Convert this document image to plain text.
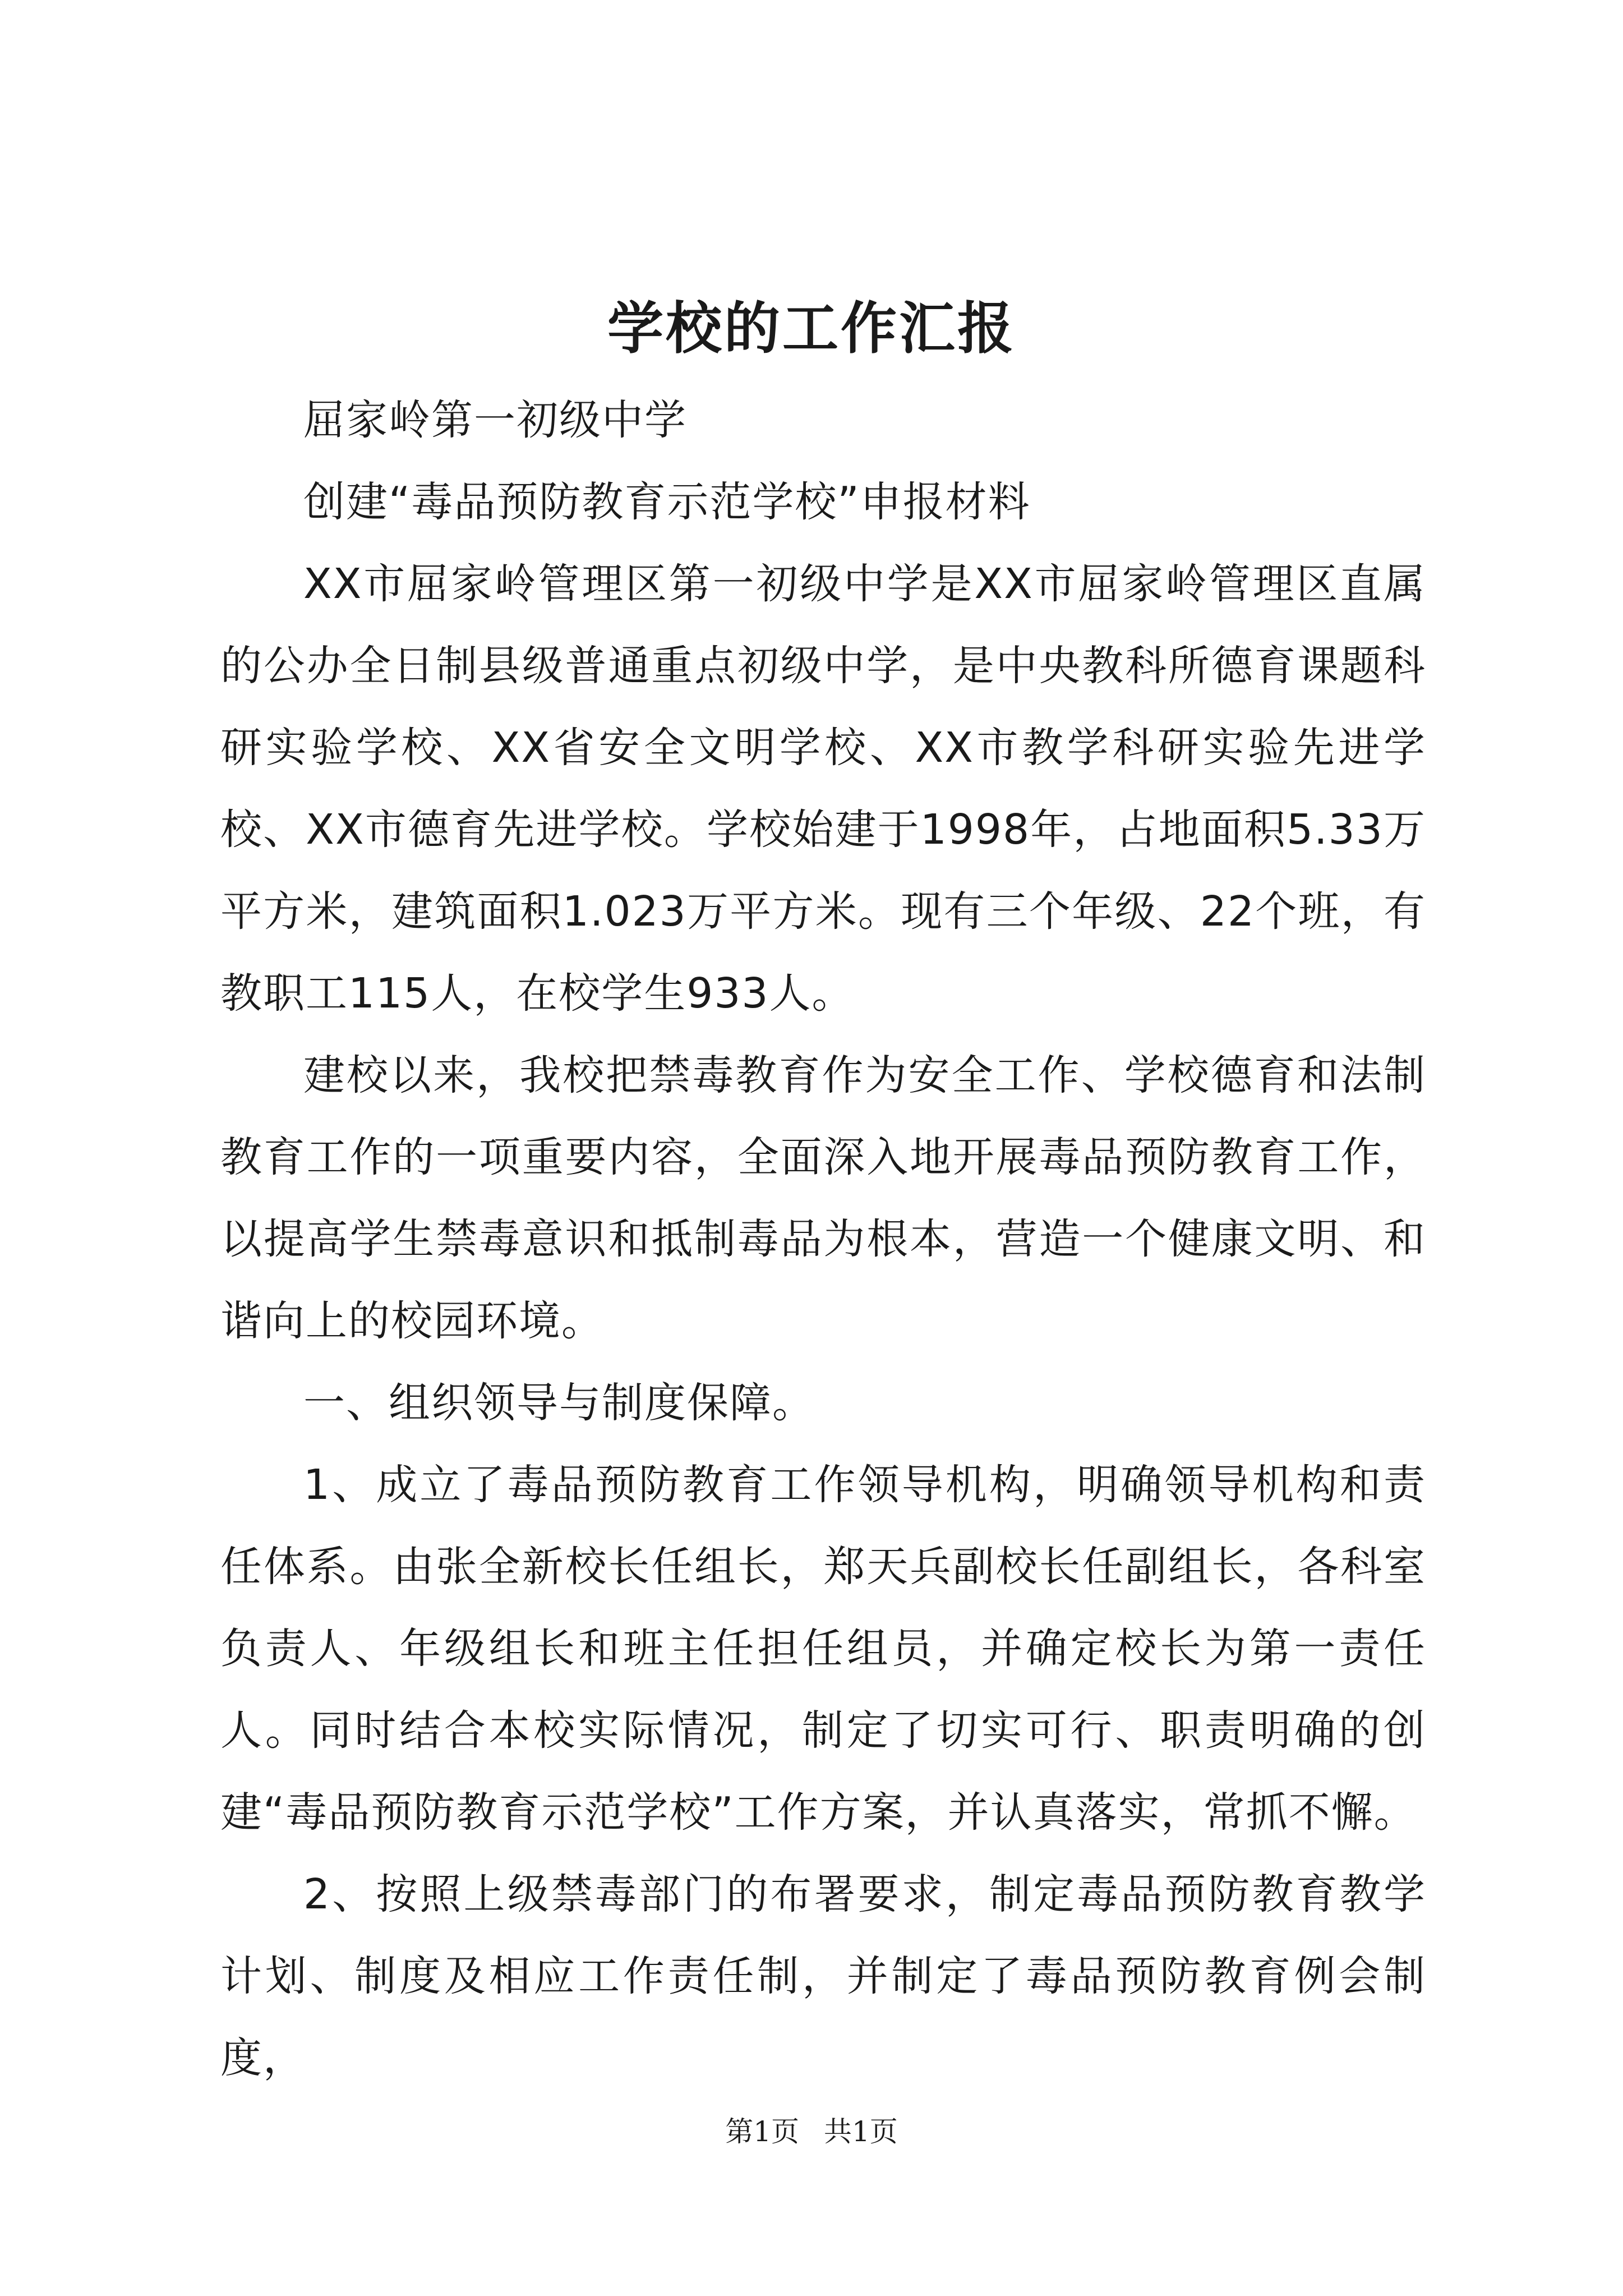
学校的工作汇报

屈家岭第一初级中学

创建“毒品预防教育示范学校”申报材料

XX市屈家岭管理区第一初级中学是XX市屈家岭管理区直属的公办全日制县级普通重点初级中学，是中央教科所德育课题科研实验学校、XX省安全文明学校、XX市教学科研实验先进学校、XX市德育先进学校。学校始建于1998年，占地面积5.33万平方米，建筑面积1.023万平方米。现有三个年级、22个班，有教职工115人，在校学生933人。

建校以来，我校把禁毒教育作为安全工作、学校德育和法制教育工作的一项重要内容，全面深入地开展毒品预防教育工作，以提高学生禁毒意识和抵制毒品为根本，营造一个健康文明、和谐向上的校园环境。

一、组织领导与制度保障。

1、成立了毒品预防教育工作领导机构，明确领导机构和责任体系。由张全新校长任组长，郑天兵副校长任副组长，各科室负责人、年级组长和班主任担任组员，并确定校长为第一责任人。同时结合本校实际情况，制定了切实可行、职责明确的创建“毒品预防教育示范学校”工作方案，并认真落实，常抓不懈。

2、按照上级禁毒部门的布署要求，制定毒品预防教育教学计划、制度及相应工作责任制，并制定了毒品预防教育例会制度，

第1页 共1页
